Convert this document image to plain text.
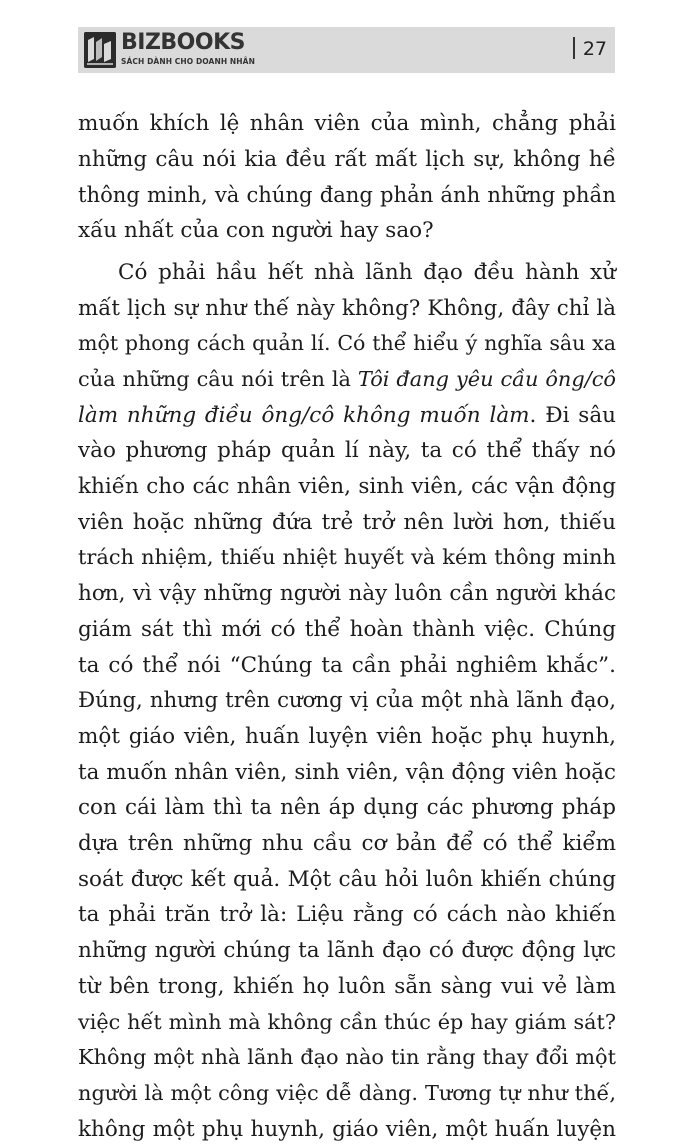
BIZBOOKS
SÁCH DÀNH CHO DOANH NHÂN
27

muốn khích lệ nhân viên của mình, chẳng phải
những câu nói kia đều rất mất lịch sự, không hề
thông minh, và chúng đang phản ánh những phần
xấu nhất của con người hay sao?

Có phải hầu hết nhà lãnh đạo đều hành xử
mất lịch sự như thế này không? Không, đây chỉ là
một phong cách quản lí. Có thể hiểu ý nghĩa sâu xa
của những câu nói trên là Tôi đang yêu cầu ông/cô
làm những điều ông/cô không muốn làm. Đi sâu
vào phương pháp quản lí này, ta có thể thấy nó
khiến cho các nhân viên, sinh viên, các vận động
viên hoặc những đứa trẻ trở nên lười hơn, thiếu
trách nhiệm, thiếu nhiệt huyết và kém thông minh
hơn, vì vậy những người này luôn cần người khác
giám sát thì mới có thể hoàn thành việc. Chúng
ta có thể nói “Chúng ta cần phải nghiêm khắc”.
Đúng, nhưng trên cương vị của một nhà lãnh đạo,
một giáo viên, huấn luyện viên hoặc phụ huynh,
ta muốn nhân viên, sinh viên, vận động viên hoặc
con cái làm thì ta nên áp dụng các phương pháp
dựa trên những nhu cầu cơ bản để có thể kiểm
soát được kết quả. Một câu hỏi luôn khiến chúng
ta phải trăn trở là: Liệu rằng có cách nào khiến
những người chúng ta lãnh đạo có được động lực
từ bên trong, khiến họ luôn sẵn sàng vui vẻ làm
việc hết mình mà không cần thúc ép hay giám sát?
Không một nhà lãnh đạo nào tin rằng thay đổi một
người là một công việc dễ dàng. Tương tự như thế,
không một phụ huynh, giáo viên, một huấn luyện
